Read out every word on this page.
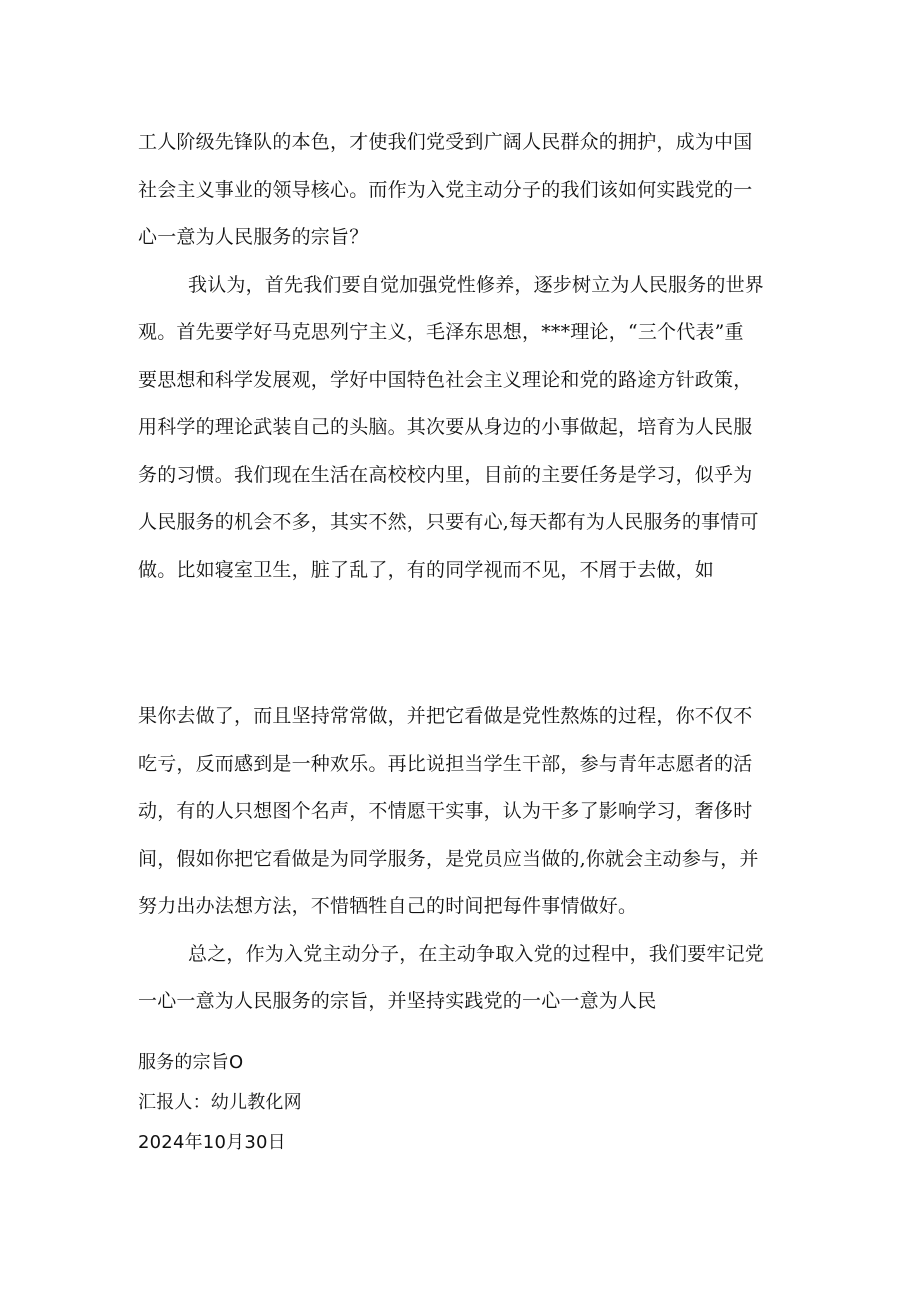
工人阶级先锋队的本色，才使我们党受到广阔人民群众的拥护，成为中国
社会主义事业的领导核心。而作为入党主动分子的我们该如何实践党的一
心一意为人民服务的宗旨？
我认为，首先我们要自觉加强党性修养，逐步树立为人民服务的世界
观。首先要学好马克思列宁主义，毛泽东思想，***理论，“三个代表”重
要思想和科学发展观，学好中国特色社会主义理论和党的路途方针政策，
用科学的理论武装自己的头脑。其次要从身边的小事做起，培育为人民服
务的习惯。我们现在生活在高校校内里，目前的主要任务是学习，似乎为
人民服务的机会不多，其实不然，只要有心,每天都有为人民服务的事情可
做。比如寝室卫生，脏了乱了，有的同学视而不见，不屑于去做，如
果你去做了，而且坚持常常做，并把它看做是党性熬炼的过程，你不仅不
吃亏，反而感到是一种欢乐。再比说担当学生干部，参与青年志愿者的活
动，有的人只想图个名声，不情愿干实事，认为干多了影响学习，奢侈时
间，假如你把它看做是为同学服务，是党员应当做的,你就会主动参与，并
努力出办法想方法，不惜牺牲自己的时间把每件事情做好。
总之，作为入党主动分子，在主动争取入党的过程中，我们要牢记党
一心一意为人民服务的宗旨，并坚持实践党的一心一意为人民
服务的宗旨O
汇报人：幼儿教化网
2024年10月30日
